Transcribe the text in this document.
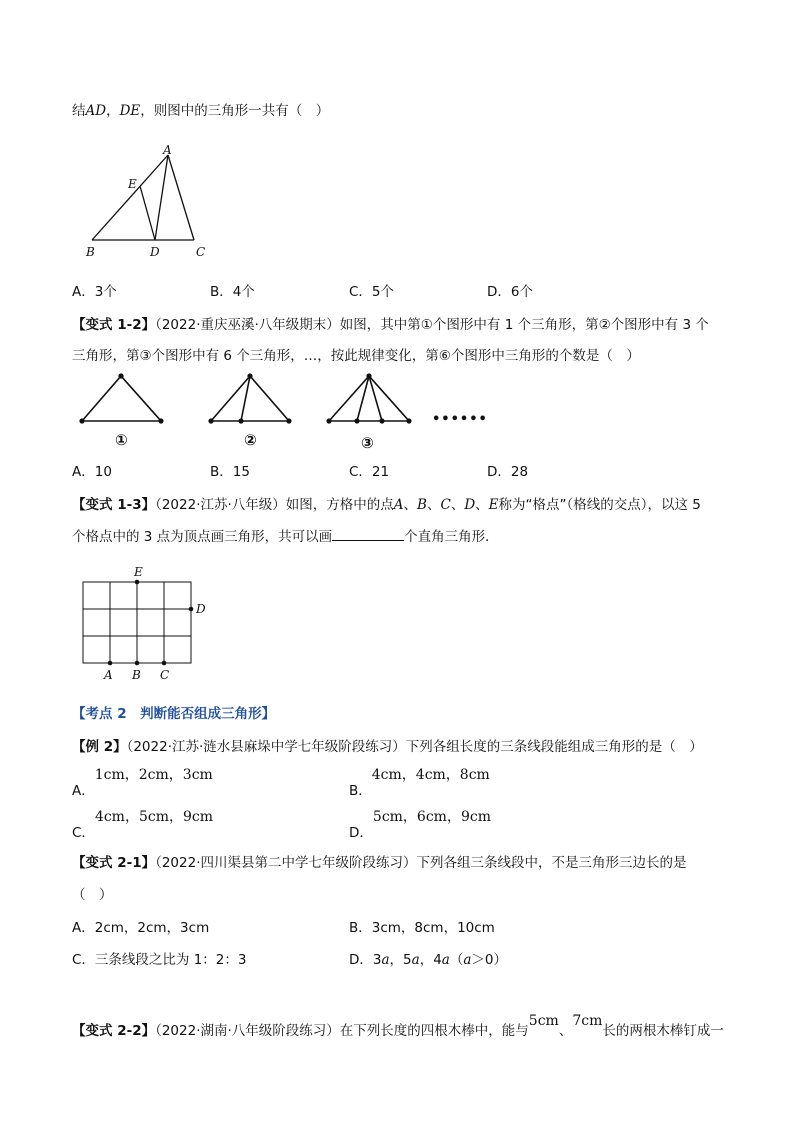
结AD，DE，则图中的三角形一共有（　）
A
E
B	D	C
A．3个	B．4个	C．5个	D．6个
【变式 1-2】（2022·重庆巫溪·八年级期末）如图，其中第①个图形中有 1 个三角形，第②个图形中有 3 个
三角形，第③个图形中有 6 个三角形，…，按此规律变化，第⑥个图形中三角形的个数是（　）
①	②	③
••••••
A．10	B．15	C．21	D．28
【变式 1-3】（2022·江苏·八年级）如图，方格中的点A、B、C、D、E称为“格点”（格线的交点），以这 5
个格点中的 3 点为顶点画三角形，共可以画	个直角三角形．
E
D
A B C
【考点 2　判断能否组成三角形】
【例 2】（2022·江苏·涟水县麻垛中学七年级阶段练习）下列各组长度的三条线段能组成三角形的是（　）
A．1cm，2cm，3cm
B．4cm，4cm，8cm
C．4cm，5cm，9cm
D．5cm，6cm，9cm
【变式 2-1】（2022·四川渠县第二中学七年级阶段练习）下列各组三条线段中，不是三角形三边长的是
（　）
A．2cm，2cm，3cm	B．3cm，8cm，10cm
C．三条线段之比为 1：2：3	D．3a，5a，4a（a＞0）
【变式 2-2】（2022·湖南·八年级阶段练习）在下列长度的四根木棒中，能与5cm、7cm长的两根木棒钉成一
